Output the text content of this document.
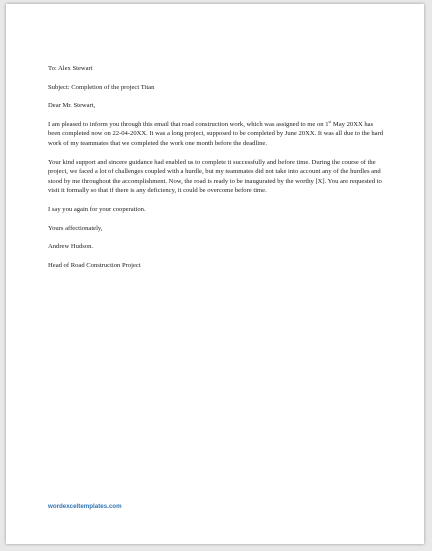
To: Alex Stewart

Subject: Completion of the project Titan

Dear Mr. Stewart,

I am pleased to inform you through this email that road construction work, which was assigned to me on 1st May 20XX has been completed now on 22-04-20XX. It was a long project, supposed to be completed by June 20XX. It was all due to the hard work of my teammates that we completed the work one month before the deadline.

Your kind support and sincere guidance had enabled us to complete it successfully and before time. During the course of the project, we faced a lot of challenges coupled with a hurdle, but my teammates did not take into account any of the hurdles and stood by me throughout the accomplishment. Now, the road is ready to be inaugurated by the worthy [X]. You are requested to visit it formally so that if there is any deficiency, it could be overcome before time.

I say you again for your cooperation.

Yours affectionately,

Andrew Hudson.

Head of Road Construction Project

wordexceltemplates.com
